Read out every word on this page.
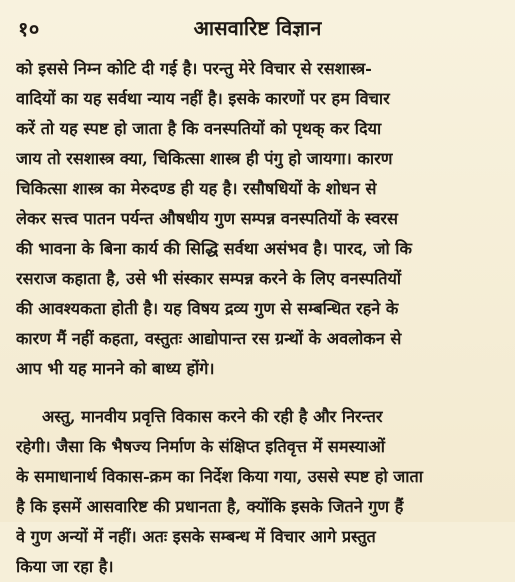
१०	आसवारिष्ट विज्ञान
को इससे निम्न कोटि दी गई है। परन्तु मेरे विचार से रसशास्त्र-
वादियों का यह सर्वथा न्याय नहीं है। इसके कारणों पर हम विचार
करें तो यह स्पष्ट हो जाता है कि वनस्पतियों को पृथक् कर दिया
जाय तो रसशास्त्र क्या, चिकित्सा शास्त्र ही पंगु हो जायगा। कारण
चिकित्सा शास्त्र का मेरुदण्ड ही यह है। रसौषधियों के शोधन से
लेकर सत्त्व पातन पर्यन्त औषधीय गुण सम्पन्न वनस्पतियों के स्वरस
की भावना के बिना कार्य की सिद्धि सर्वथा असंभव है। पारद, जो कि
रसराज कहाता है, उसे भी संस्कार सम्पन्न करने के लिए वनस्पतियों
की आवश्यकता होती है। यह विषय द्रव्य गुण से सम्बन्धित रहने के
कारण मैं नहीं कहता, वस्तुतः आद्योपान्त रस ग्रन्थों के अवलोकन से
आप भी यह मानने को बाध्य होंगे।
अस्तु, मानवीय प्रवृत्ति विकास करने की रही है और निरन्तर
रहेगी। जैसा कि भैषज्य निर्माण के संक्षिप्त इतिवृत्त में समस्याओं
के समाधानार्थ विकास-क्रम का निर्देश किया गया, उससे स्पष्ट हो जाता
है कि इसमें आसवारिष्ट की प्रधानता है, क्योंकि इसके जितने गुण हैं
वे गुण अन्यों में नहीं। अतः इसके सम्बन्ध में विचार आगे प्रस्तुत
किया जा रहा है।
